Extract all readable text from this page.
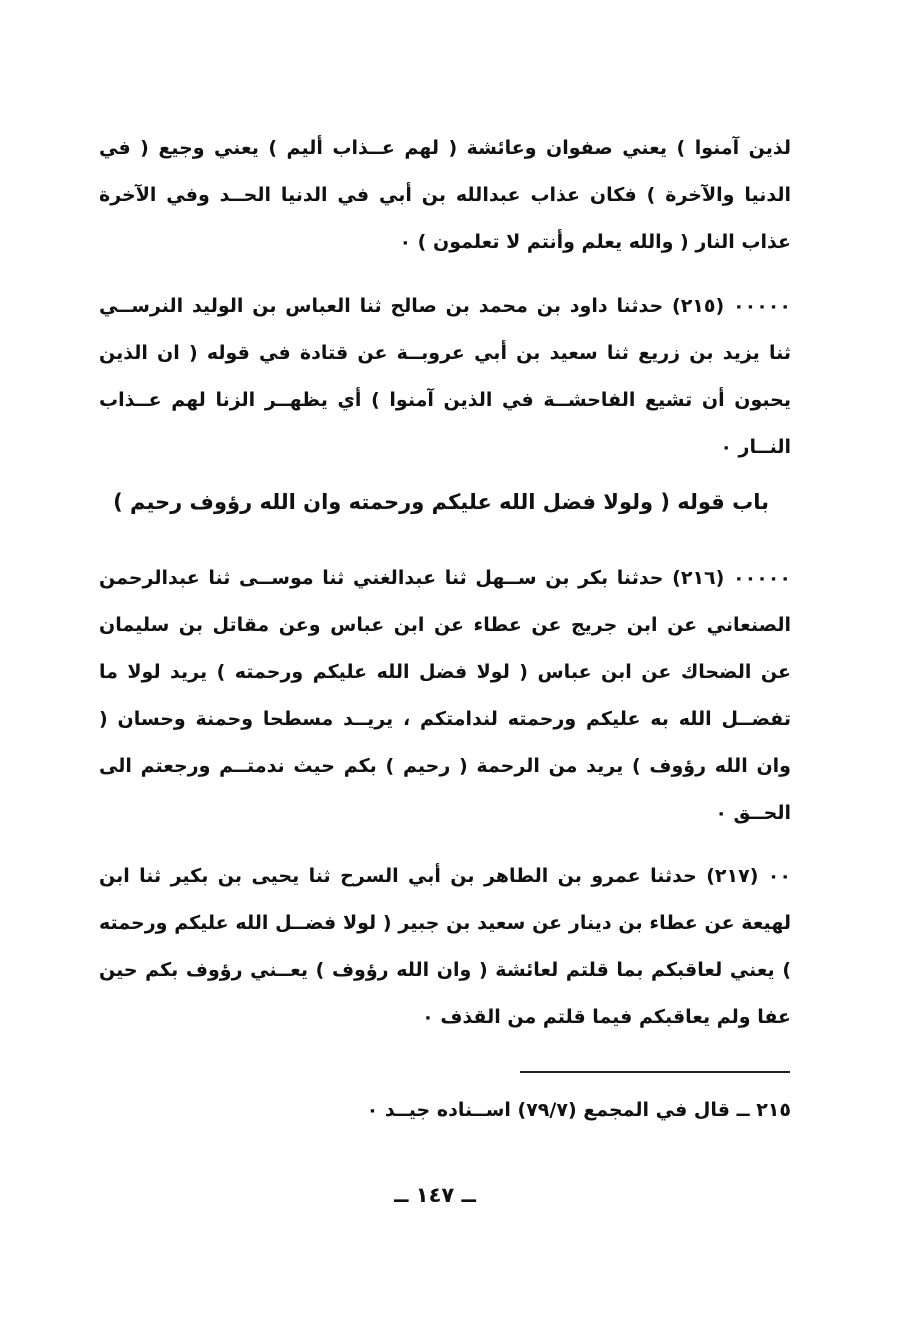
لذين آمنوا ) يعني صفوان وعائشة ( لهم عــذاب أليم ) يعني وجيع ( في الدنيا والآخرة ) فكان عذاب عبدالله بن أبي في الدنيا الحــد وفي الآخرة عذاب النار ( والله يعلم وأنتم لا تعلمون ) ٠

٠٠٠٠٠ (٢١٥) حدثنا داود بن محمد بن صالح ثنا العباس بن الوليد النرســي ثنا يزيد بن زريع ثنا سعيد بن أبي عروبــة عن قتادة في قوله ( ان الذين يحبون أن تشيع الفاحشــة في الذين آمنوا ) أي يظهــر الزنا لهم عــذاب النــار ٠

باب قوله ( ولولا فضل الله عليكم ورحمته وان الله رؤوف رحيم )

٠٠٠٠٠ (٢١٦) حدثنا بكر بن ســهل ثنا عبدالغني ثنا موســى ثنا عبدالرحمن الصنعاني عن ابن جريج عن عطاء عن ابن عباس وعن مقاتل بن سليمان عن الضحاك عن ابن عباس ( لولا فضل الله عليكم ورحمته ) يريد لولا ما تفضــل الله به عليكم ورحمته لندامتكم ، يريــد مسطحا وحمنة وحسان ( وان الله رؤوف ) يريد من الرحمة ( رحيم ) بكم حيث ندمتــم ورجعتم الى الحــق ٠

٠٠ (٢١٧) حدثنا عمرو بن الطاهر بن أبي السرح ثنا يحيى بن بكير ثنا ابن لهيعة عن عطاء بن دينار عن سعيد بن جبير ( لولا فضــل الله عليكم ورحمته ) يعني لعاقبكم بما قلتم لعائشة ( وان الله رؤوف ) يعــني رؤوف بكم حين عفا ولم يعاقبكم فيما قلتم من القذف ٠

٢١٥ ــ قال في المجمع (٧٩/٧) اســناده جيــد ٠
ــ ١٤٧ ــ
